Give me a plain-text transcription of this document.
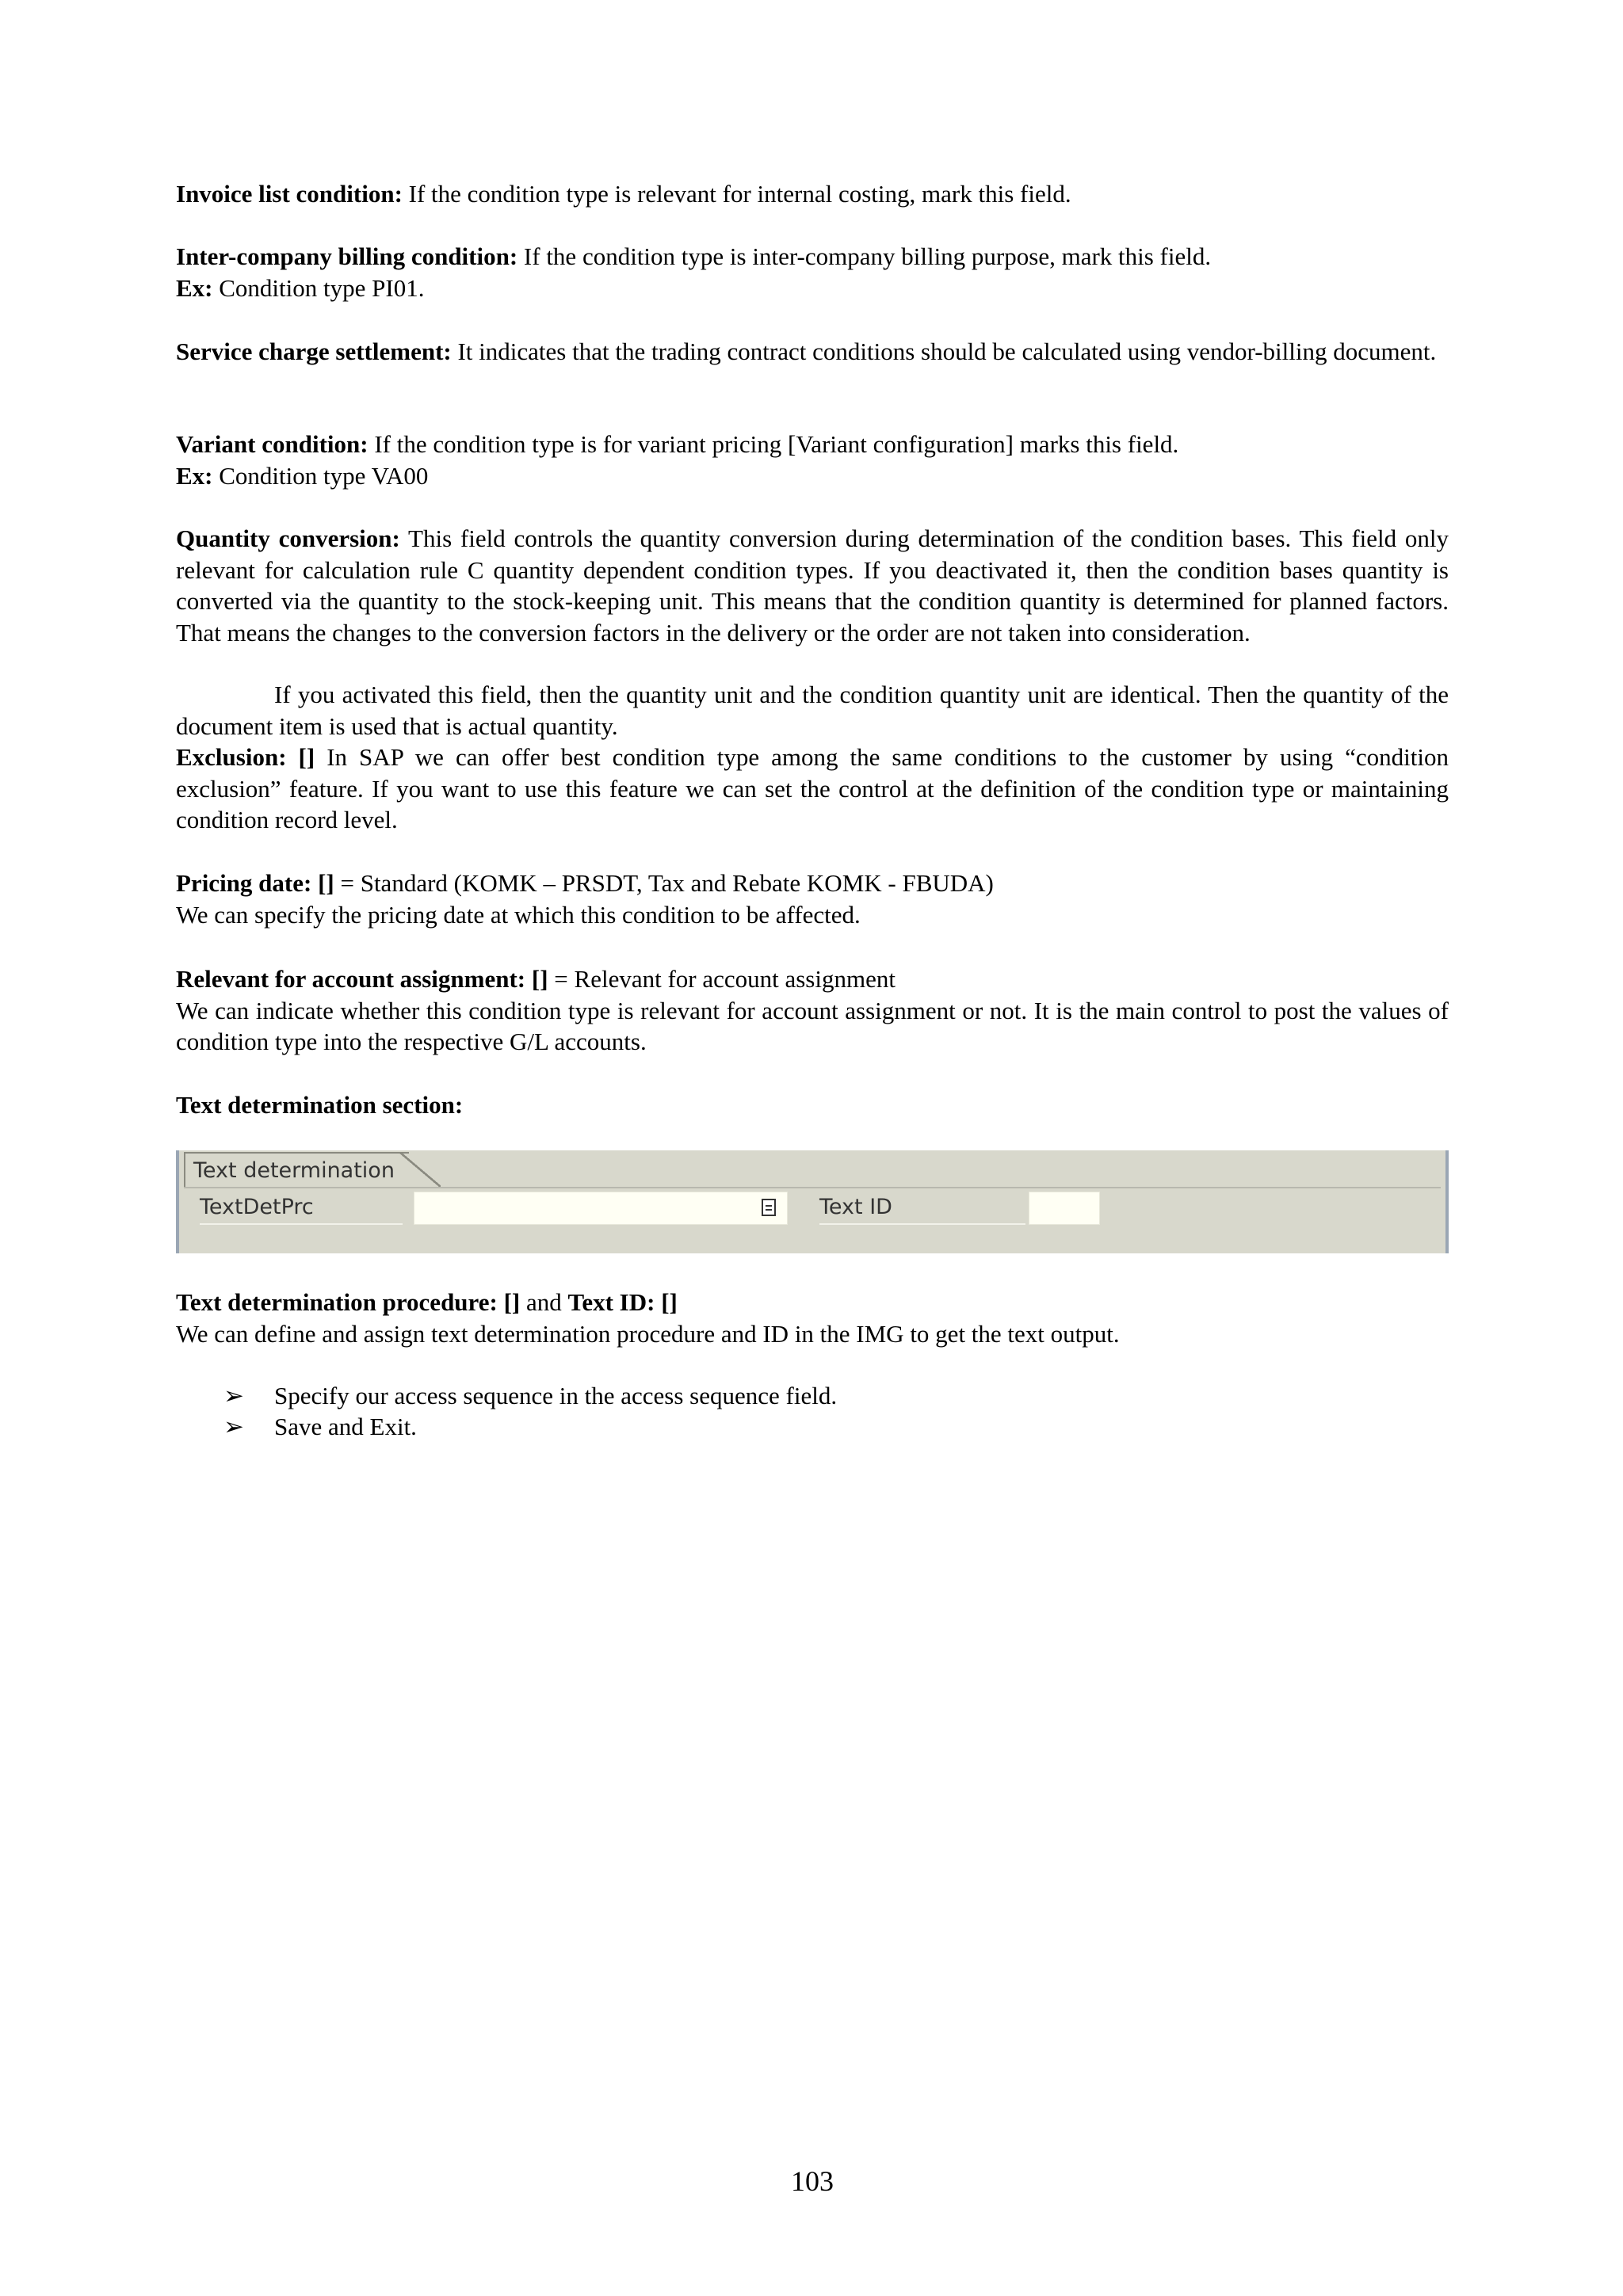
Invoice list condition: If the condition type is relevant for internal costing, mark this field.

Inter-company billing condition: If the condition type is inter-company billing purpose, mark this field.
Ex: Condition type PI01.

Service charge settlement: It indicates that the trading contract conditions should be calculated using vendor-billing document.

Variant condition: If the condition type is for variant pricing [Variant configuration] marks this field.
Ex: Condition type VA00

Quantity conversion: This field controls the quantity conversion during determination of the condition bases. This field only relevant for calculation rule C quantity dependent condition types. If you deactivated it, then the condition bases quantity is converted via the quantity to the stock-keeping unit. This means that the condition quantity is determined for planned factors. That means the changes to the conversion factors in the delivery or the order are not taken into consideration.

If you activated this field, then the quantity unit and the condition quantity unit are identical. Then the quantity of the document item is used that is actual quantity.

Exclusion: [] In SAP we can offer best condition type among the same conditions to the customer by using “condition exclusion” feature. If you want to use this feature we can set the control at the definition of the condition type or maintaining condition record level.

Pricing date: [] = Standard (KOMK – PRSDT, Tax and Rebate KOMK - FBUDA)
We can specify the pricing date at which this condition to be affected.

Relevant for account assignment: [] = Relevant for account assignment
We can indicate whether this condition type is relevant for account assignment or not. It is the main control to post the values of condition type into the respective G/L accounts.

Text determination section:

Text determination
TextDetPrc	Text ID

Text determination procedure: [] and Text ID: []
We can define and assign text determination procedure and ID in the IMG to get the text output.

➢ Specify our access sequence in the access sequence field.
➢ Save and Exit.
103
